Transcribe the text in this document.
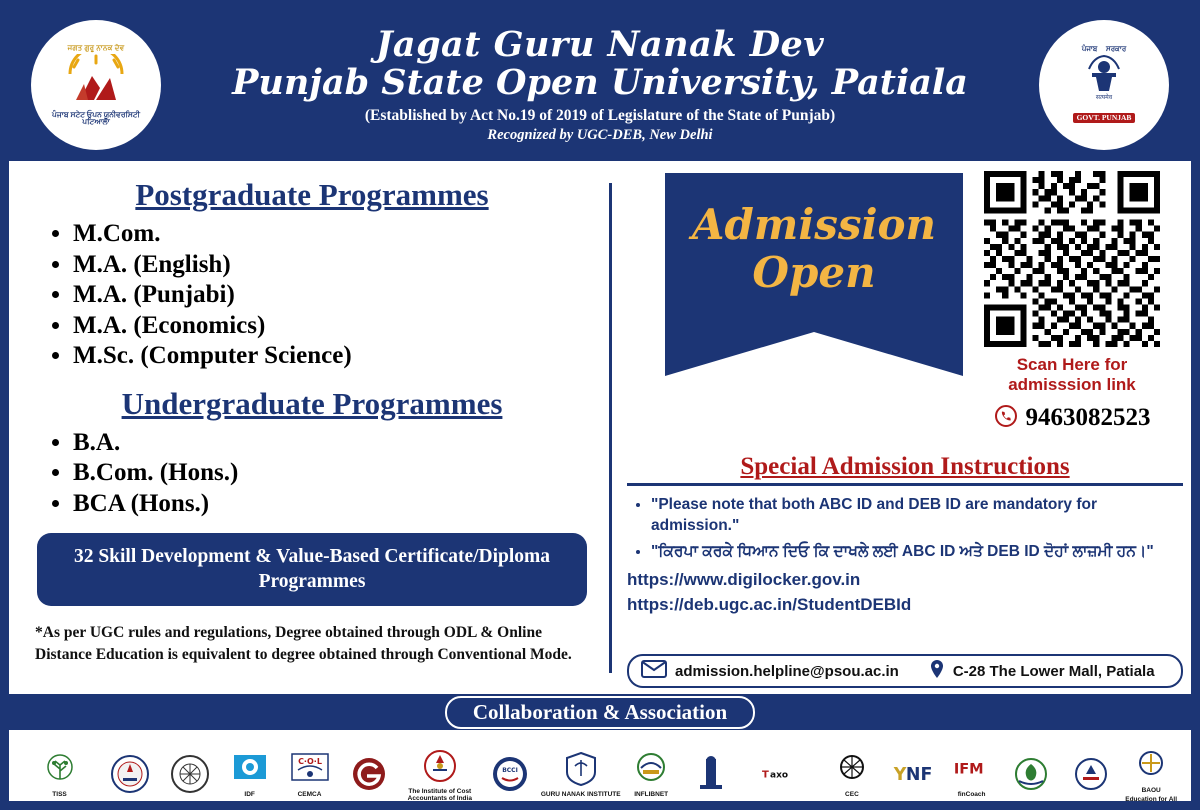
ਜਗਤ ਗੁਰੂ ਨਾਨਕ ਦੇਵ
ਪੰਜਾਬ ਸਟੇਟ ਓਪਨ ਯੂਨੀਵਰਸਿਟੀ
ਪਟਿਆਲਾ
Jagat Guru Nanak Dev
Punjab State Open University, Patiala
(Established by Act No.19 of 2019 of Legislature of the State of Punjab)
Recognized by UGC-DEB, New Delhi
ਪੰਜਾਬ ਸਰਕਾਰ
सत्यमेव
GOVT. PUNJAB
Postgraduate Programmes
• M.Com.
• M.A. (English)
• M.A. (Punjabi)
• M.A. (Economics)
• M.Sc. (Computer Science)
Undergraduate Programmes
• B.A.
• B.Com. (Hons.)
• BCA (Hons.)
32 Skill Development & Value-Based Certificate/Diploma
Programmes
*As per UGC rules and regulations, Degree obtained through ODL & Online Distance Education is equivalent to degree obtained through Conventional Mode.
Admission
Open
Scan Here for
admisssion link
9463082523
Special Admission Instructions
• "Please note that both ABC ID and DEB ID are mandatory for admission."
• "ਕਿਰਪਾ ਕਰਕੇ ਧਿਆਨ ਦਿਓ ਕਿ ਦਾਖਲੇ ਲਈ ABC ID ਅਤੇ DEB ID ਦੋਹਾਂ ਲਾਜ਼ਮੀ ਹਨ।"
https://www.digilocker.gov.in
https://deb.ugc.ac.in/StudentDEBId
admission.helpline@psou.ac.in	C-28 The Lower Mall, Patiala
Collaboration & Association
TISS	IDF
C·O·L
CEMCA
The Institute of Cost Accountants of India
BCCI
GURU NANAK INSTITUTE INFLIBNET
T axo
CEC
Y NF IFM
finCoach
BAOU
Education for All
